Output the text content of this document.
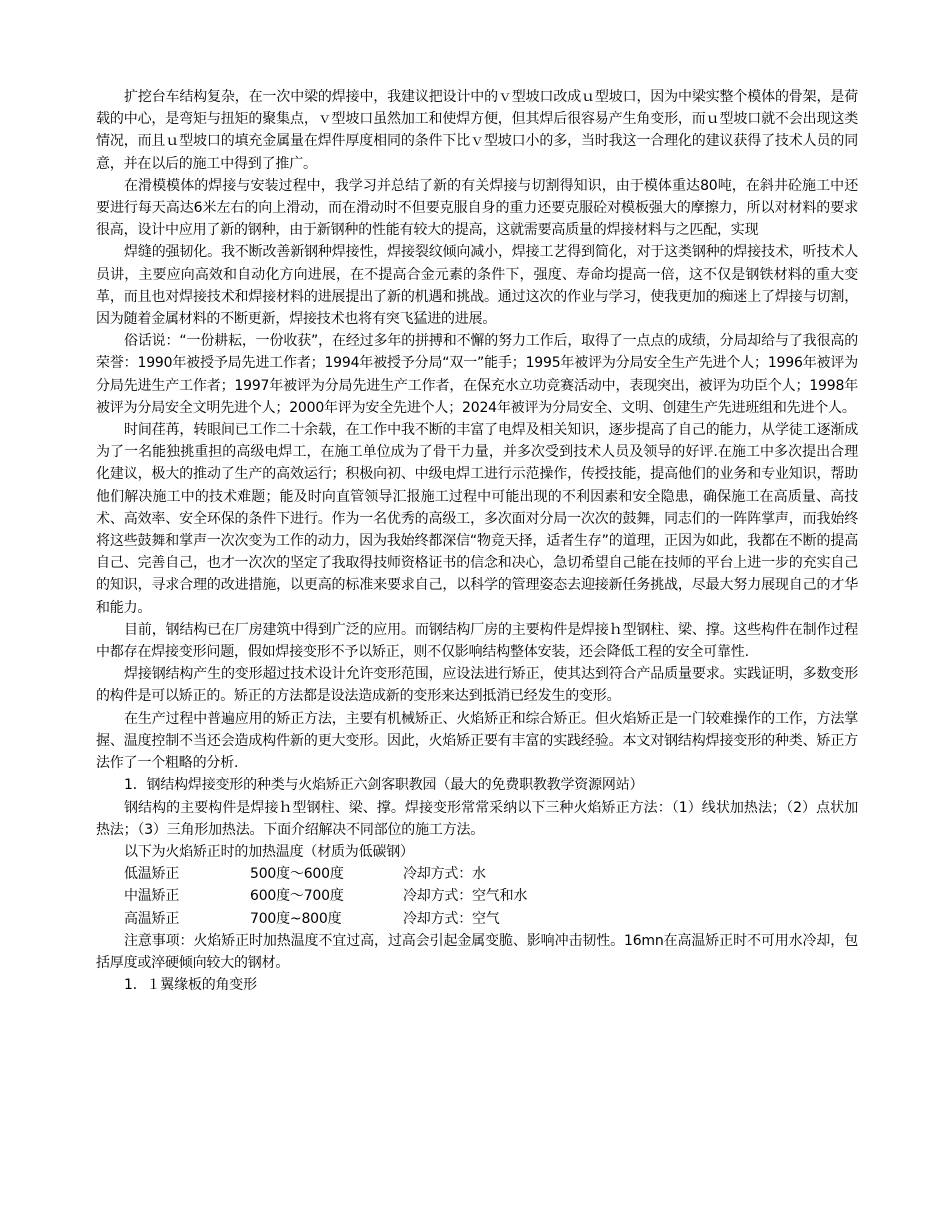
扩挖台车结构复杂，在一次中梁的焊接中，我建议把设计中的ｖ型坡口改成ｕ型坡口，因为中梁实整个模体的骨架，是荷载的中心，是弯矩与扭矩的聚集点，ｖ型坡口虽然加工和使焊方便，但其焊后很容易产生角变形，而ｕ型坡口就不会出现这类情况，而且ｕ型坡口的填充金属量在焊件厚度相同的条件下比ｖ型坡口小的多，当时我这一合理化的建议获得了技术人员的同意，并在以后的施工中得到了推广。

在滑模模体的焊接与安装过程中，我学习并总结了新的有关焊接与切割得知识，由于模体重达80吨，在斜井砼施工中还要进行每天高达6米左右的向上滑动，而在滑动时不但要克服自身的重力还要克服砼对模板强大的摩擦力，所以对材料的要求很高，设计中应用了新的钢种，由于新钢种的性能有较大的提高，这就需要高质量的焊接材料与之匹配，实现

焊缝的强韧化。我不断改善新钢种焊接性，焊接裂纹倾向减小，焊接工艺得到简化，对于这类钢种的焊接技术，听技术人员讲，主要应向高效和自动化方向进展，在不提高合金元素的条件下，强度、寿命均提高一倍，这不仅是钢铁材料的重大变革，而且也对焊接技术和焊接材料的进展提出了新的机遇和挑战。通过这次的作业与学习，使我更加的痴迷上了焊接与切割，因为随着金属材料的不断更新，焊接技术也将有突飞猛进的进展。

俗话说：“一份耕耘，一份收获”，在经过多年的拼搏和不懈的努力工作后，取得了一点点的成绩，分局却给与了我很高的荣誉：1990年被授予局先进工作者；1994年被授予分局“双一”能手；1995年被评为分局安全生产先进个人；1996年被评为分局先进生产工作者；1997年被评为分局先进生产工作者，在保充水立功竞赛活动中，表现突出，被评为功臣个人；1998年被评为分局安全文明先进个人；2000年评为安全先进个人；2024年被评为分局安全、文明、创建生产先进班组和先进个人。

时间荏苒，转眼间已工作二十余载，在工作中我不断的丰富了电焊及相关知识，逐步提高了自己的能力，从学徒工逐渐成为了一名能独挑重担的高级电焊工，在施工单位成为了骨干力量，并多次受到技术人员及领导的好评.在施工中多次提出合理化建议，极大的推动了生产的高效运行；积极向初、中级电焊工进行示范操作，传授技能，提高他们的业务和专业知识，帮助他们解决施工中的技术难题；能及时向直管领导汇报施工过程中可能出现的不利因素和安全隐患，确保施工在高质量、高技术、高效率、安全环保的条件下进行。作为一名优秀的高级工，多次面对分局一次次的鼓舞，同志们的一阵阵掌声，而我始终将这些鼓舞和掌声一次次变为工作的动力，因为我始终都深信“物竞天择，适者生存”的道理，正因为如此，我都在不断的提高自己、完善自己，也才一次次的坚定了我取得技师资格证书的信念和决心，急切希望自己能在技师的平台上进一步的充实自己的知识，寻求合理的改进措施，以更高的标准来要求自己，以科学的管理姿态去迎接新任务挑战，尽最大努力展现自己的才华和能力。

目前，钢结构已在厂房建筑中得到广泛的应用。而钢结构厂房的主要构件是焊接ｈ型钢柱、梁、撑。这些构件在制作过程中都存在焊接变形问题，假如焊接变形不予以矫正，则不仅影响结构整体安装，还会降低工程的安全可靠性.

焊接钢结构产生的变形超过技术设计允许变形范围，应设法进行矫正，使其达到符合产品质量要求。实践证明，多数变形的构件是可以矫正的。矫正的方法都是设法造成新的变形来达到抵消已经发生的变形。

在生产过程中普遍应用的矫正方法，主要有机械矫正、火焰矫正和综合矫正。但火焰矫正是一门较难操作的工作，方法掌握、温度控制不当还会造成构件新的更大变形。因此，火焰矫正要有丰富的实践经验。本文对钢结构焊接变形的种类、矫正方法作了一个粗略的分析.

1．钢结构焊接变形的种类与火焰矫正六剑客职教园（最大的免费职教教学资源网站）

钢结构的主要构件是焊接ｈ型钢柱、梁、撑。焊接变形常常采纳以下三种火焰矫正方法：（1）线状加热法；（2）点状加热法；（3）三角形加热法。下面介绍解决不同部位的施工方法。

以下为火焰矫正时的加热温度（材质为低碳钢）

低温矫正	500度～600度	冷却方式：水
中温矫正	600度～700度	冷却方式：空气和水
高温矫正	700度~800度	冷却方式：空气

注意事项：火焰矫正时加热温度不宜过高，过高会引起金属变脆、影响冲击韧性。16mn在高温矫正时不可用水冷却，包括厚度或淬硬倾向较大的钢材。

1．１翼缘板的角变形
